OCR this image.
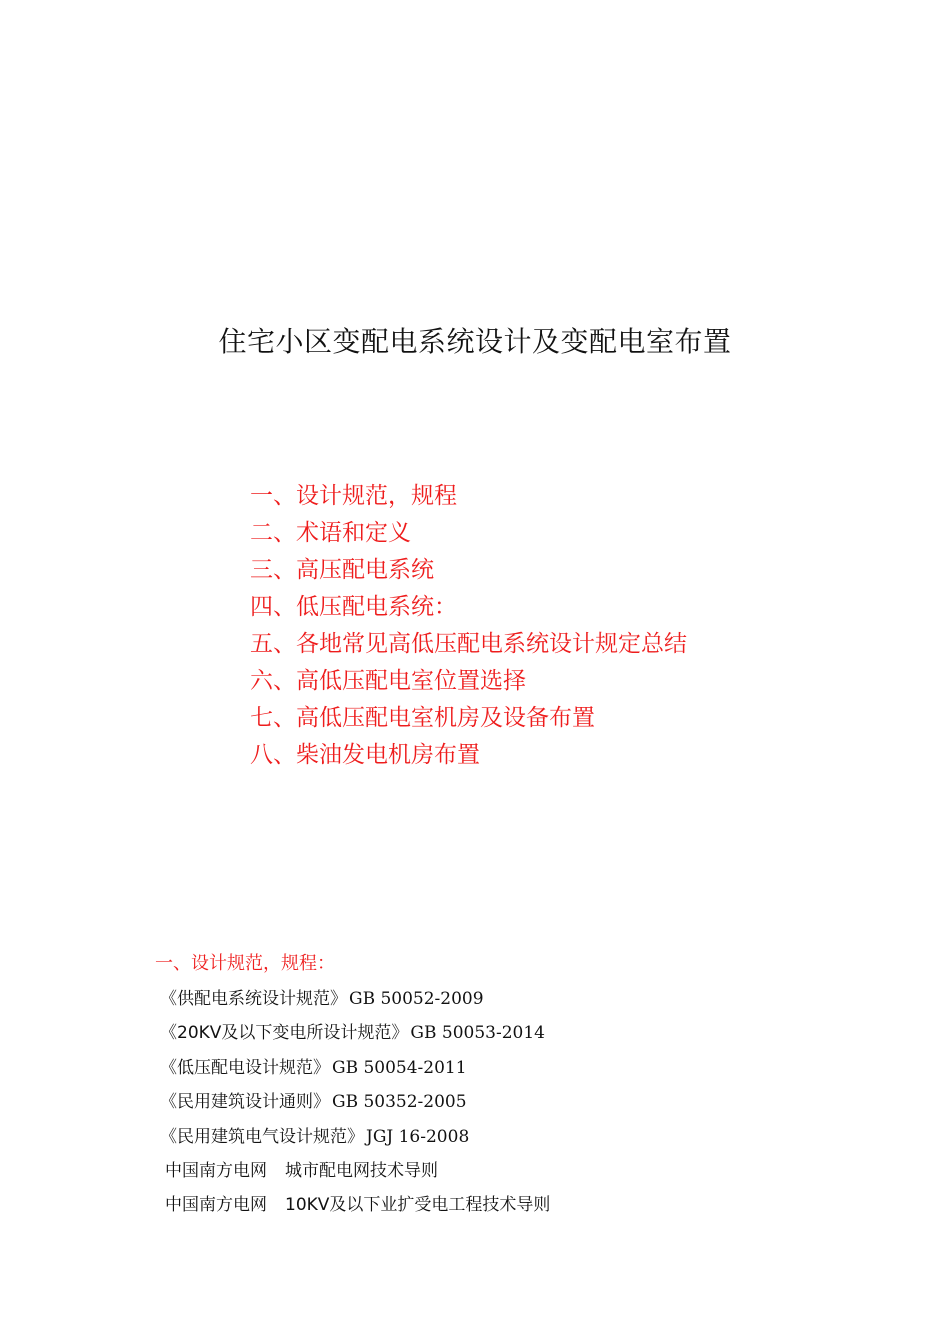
住宅小区变配电系统设计及变配电室布置
一、设计规范，规程
二、术语和定义
三、高压配电系统
四、低压配电系统：
五、各地常见高低压配电系统设计规定总结
六、高低压配电室位置选择
七、高低压配电室机房及设备布置
八、柴油发电机房布置
一、设计规范，规程：
《供配电系统设计规范》 GB 50052-2009
《20KV及以下变电所设计规范》 GB 50053-2014
《低压配电设计规范》 GB 50054-2011
《民用建筑设计通则》 GB 50352-2005
《民用建筑电气设计规范》 JGJ 16-2008
中国南方电网 城市配电网技术导则
中国南方电网 10KV及以下业扩受电工程技术导则
